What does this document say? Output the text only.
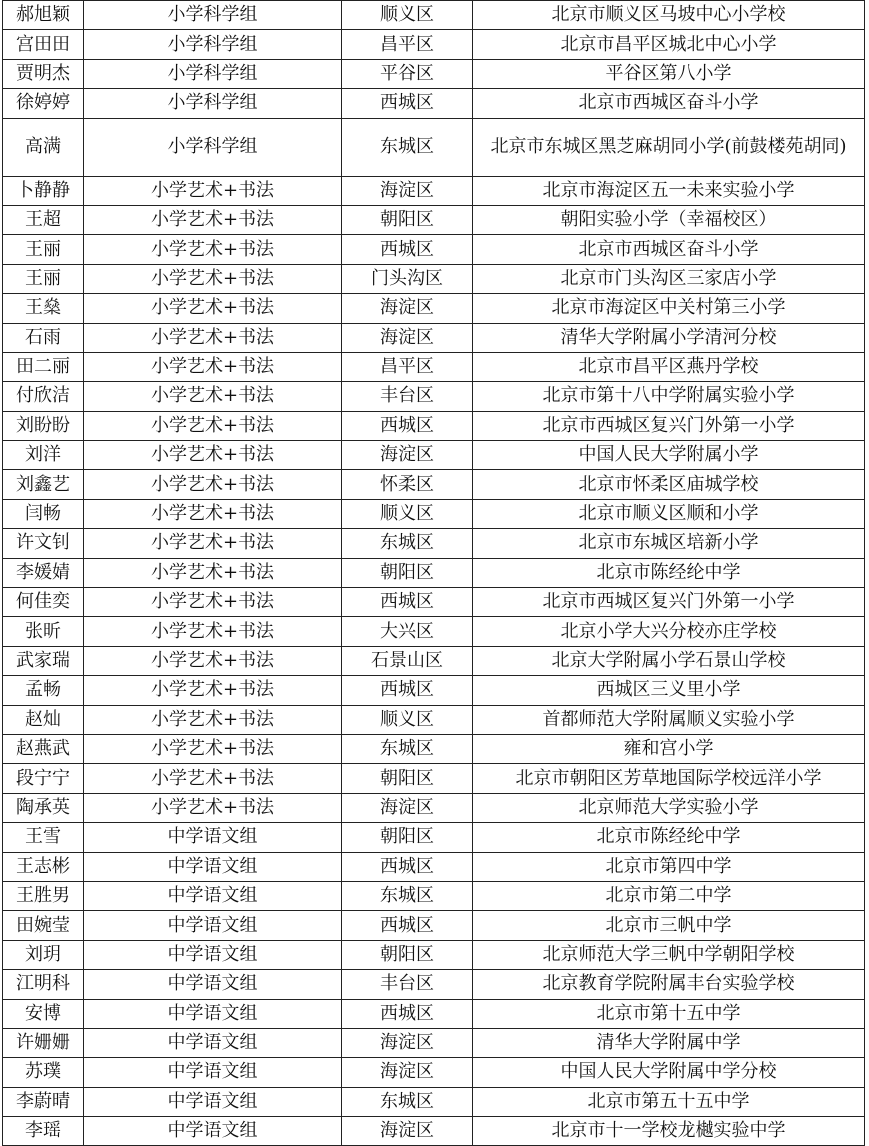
郝旭颖	小学科学组	顺义区	北京市顺义区马坡中心小学校
宫田田	小学科学组	昌平区	北京市昌平区城北中心小学
贾明杰	小学科学组	平谷区	平谷区第八小学
徐婷婷	小学科学组	西城区	北京市西城区奋斗小学
高满	小学科学组	东城区	北京市东城区黑芝麻胡同小学(前鼓楼苑胡同)
卜静静	小学艺术+书法	海淀区	北京市海淀区五一未来实验小学
王超	小学艺术+书法	朝阳区	朝阳实验小学（幸福校区）
王丽	小学艺术+书法	西城区	北京市西城区奋斗小学
王丽	小学艺术+书法	门头沟区	北京市门头沟区三家店小学
王燊	小学艺术+书法	海淀区	北京市海淀区中关村第三小学
石雨	小学艺术+书法	海淀区	清华大学附属小学清河分校
田二丽	小学艺术+书法	昌平区	北京市昌平区燕丹学校
付欣洁	小学艺术+书法	丰台区	北京市第十八中学附属实验小学
刘盼盼	小学艺术+书法	西城区	北京市西城区复兴门外第一小学
刘洋	小学艺术+书法	海淀区	中国人民大学附属小学
刘鑫艺	小学艺术+书法	怀柔区	北京市怀柔区庙城学校
闫畅	小学艺术+书法	顺义区	北京市顺义区顺和小学
许文钊	小学艺术+书法	东城区	北京市东城区培新小学
李媛婧	小学艺术+书法	朝阳区	北京市陈经纶中学
何佳奕	小学艺术+书法	西城区	北京市西城区复兴门外第一小学
张昕	小学艺术+书法	大兴区	北京小学大兴分校亦庄学校
武家瑞	小学艺术+书法	石景山区	北京大学附属小学石景山学校
孟畅	小学艺术+书法	西城区	西城区三义里小学
赵灿	小学艺术+书法	顺义区	首都师范大学附属顺义实验小学
赵燕武	小学艺术+书法	东城区	雍和宫小学
段宁宁	小学艺术+书法	朝阳区	北京市朝阳区芳草地国际学校远洋小学
陶承英	小学艺术+书法	海淀区	北京师范大学实验小学
王雪	中学语文组	朝阳区	北京市陈经纶中学
王志彬	中学语文组	西城区	北京市第四中学
王胜男	中学语文组	东城区	北京市第二中学
田婉莹	中学语文组	西城区	北京市三帆中学
刘玥	中学语文组	朝阳区	北京师范大学三帆中学朝阳学校
江明科	中学语文组	丰台区	北京教育学院附属丰台实验学校
安博	中学语文组	西城区	北京市第十五中学
许姗姗	中学语文组	海淀区	清华大学附属中学
苏璞	中学语文组	海淀区	中国人民大学附属中学分校
李蔚晴	中学语文组	东城区	北京市第五十五中学
李瑶	中学语文组	海淀区	北京市十一学校龙樾实验中学
